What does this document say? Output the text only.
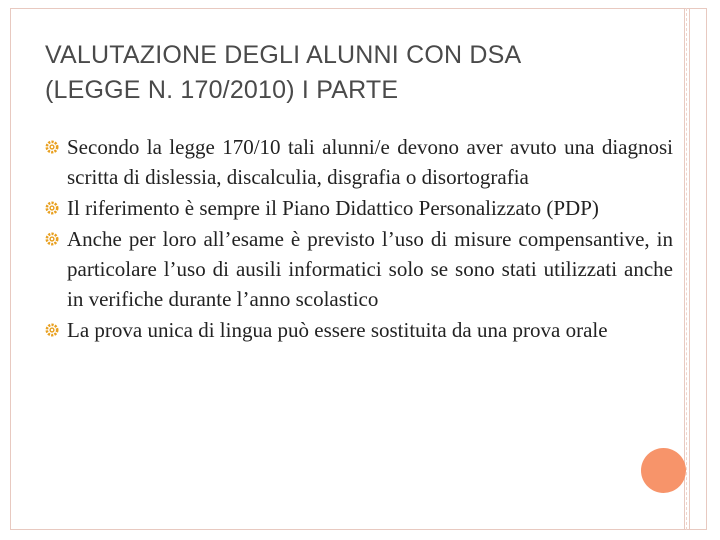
VALUTAZIONE DEGLI ALUNNI CON DSA
(LEGGE N. 170/2010) I PARTE
Secondo la legge 170/10 tali alunni/e devono aver avuto una diagnosi scritta di dislessia, discalculia, disgrafia o disortografia
Il riferimento è sempre il Piano Didattico Personalizzato (PDP)
Anche per loro all’esame è previsto l’uso di misure compensantive, in particolare l’uso di ausili informatici solo se sono stati utilizzati anche in verifiche durante l’anno scolastico
La prova unica di lingua può essere sostituita da una prova orale
